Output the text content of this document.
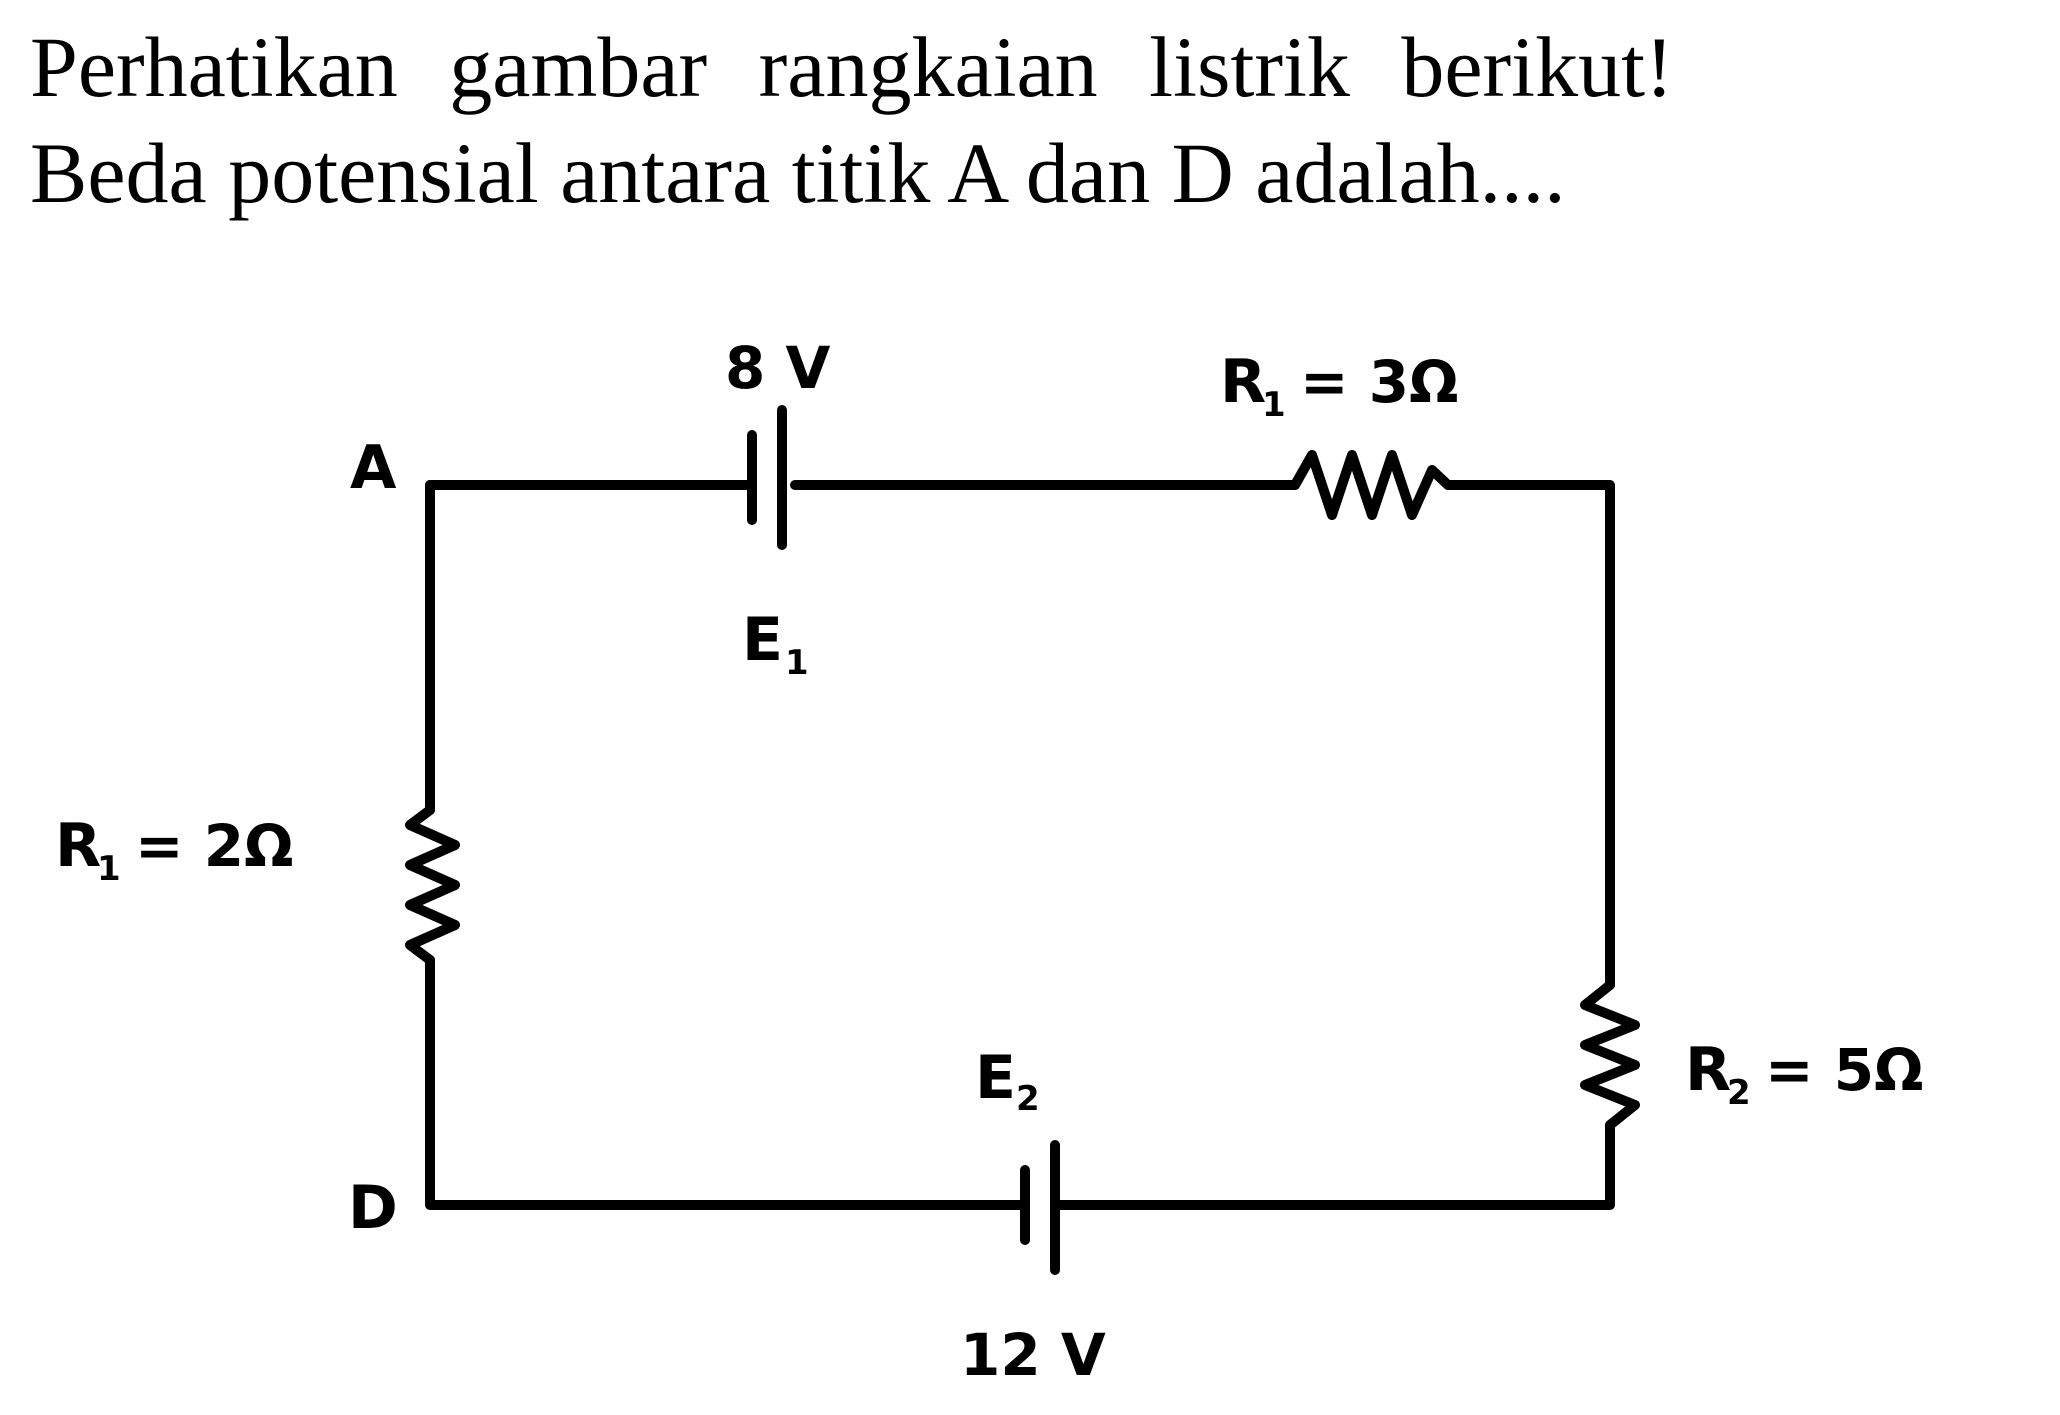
Perhatikan gambar rangkaian listrik berikut!

Beda potensial antara titik A dan D adalah....

A
D
8 V
E 1
E 2
12 V
R
1 = 3Ω
R
1 = 2Ω
R
2 = 5Ω
